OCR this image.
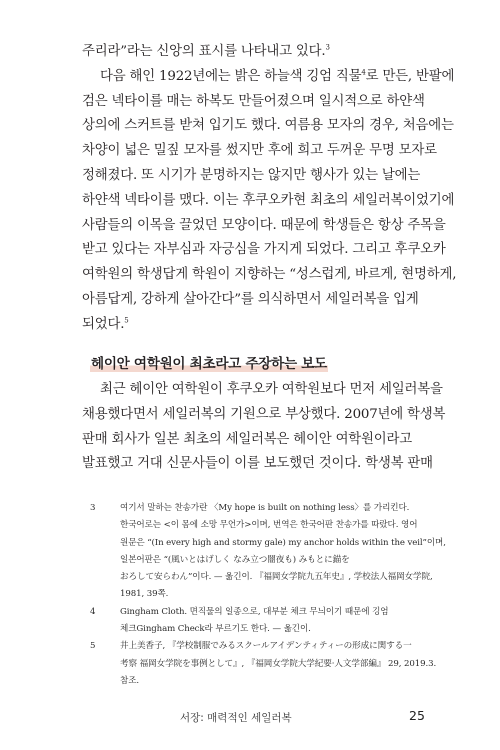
주리라”라는 신앙의 표시를 나타내고 있다.$^3$

다음 해인 1922년에는 밝은 하늘색 깅엄 직물$^4$로 만든, 반팔에

검은 넥타이를 매는 하복도 만들어졌으며 일시적으로 하얀색

상의에 스커트를 받쳐 입기도 했다. 여름용 모자의 경우, 처음에는

차양이 넓은 밀짚 모자를 썼지만 후에 희고 두꺼운 무명 모자로

정해졌다. 또 시기가 분명하지는 않지만 행사가 있는 날에는

하얀색 넥타이를 맸다. 이는 후쿠오카현 최초의 세일러복이었기에

사람들의 이목을 끌었던 모양이다. 때문에 학생들은 항상 주목을

받고 있다는 자부심과 자긍심을 가지게 되었다. 그리고 후쿠오카

여학원의 학생답게 학원이 지향하는 “성스럽게, 바르게, 현명하게,

아름답게, 강하게 살아간다”를 의식하면서 세일러복을 입게

되었다.$^5$

헤이안 여학원이 최초라고 주장하는 보도

최근 헤이안 여학원이 후쿠오카 여학원보다 먼저 세일러복을

채용했다면서 세일러복의 기원으로 부상했다. 2007년에 학생복

판매 회사가 일본 최초의 세일러복은 헤이안 여학원이라고

발표했고 거대 신문사들이 이를 보도했던 것이다. 학생복 판매

3	여기서 말하는 찬송가란 〈My hope is built on nothing less〉를 가리킨다.
한국어로는 <이 몸에 소망 무언가>이며, 번역은 한국어판 찬송가를 따랐다. 영어
원문은 “(In every high and stormy gale) my anchor holds within the veil”이며,
일본어판은 “(風いとはげしく なみ立つ闇夜も) みもとに錨を
おろして安らわん”이다. — 옮긴이. 『福岡女学院九五年史』, 学校法人福岡女学院,
1981, 39쪽.
4	Gingham Cloth. 면직물의 일종으로, 대부분 체크 무늬이기 때문에 깅엄
체크Gingham Check라 부르기도 한다. — 옮긴이.
5	井上美香子, 『学校制服でみるスクールアイデンティティーの形成に関する一
考察 福岡女学院を事例として』, 『福岡女学院大学紀要·人文学部編』 29, 2019.3.
참조.
서장: 매력적인 세일러복	25
